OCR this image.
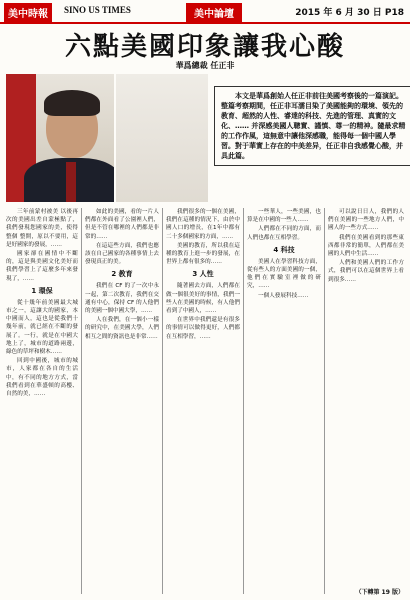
美中時報	SINO US TIMES	美中論壇	2015 年 6 月 30 日 P18
六點美國印象讓我心酸
華爲總裁 任正非

本文是華爲創始人任正非前往美國考察後的一篇演記。整篇考察期間，任正非耳濡目染了美國能夠的環境、領先的教育、超然的人性、睿達的科技、先進的管理、真實的文化、…… 并深感美國人聰實、謹慎、尊一的精神。隨最求精的工作作風，這無意中讓他深感職，能得每一個中國人學習。對于華實上存在的中美差异，任正非自我感覺心酸，并具此篇。

三年前蒙村被美 以後再次的美國出差自蒙極點了，我們發現您國家的美，使得整個 整開，原以不要用，這是好國家的發展，……

國家卻在國情中不斷的，這是與美國文化美好而我們學習上了這麼多年來發現了，……

1 環保

從十幾年前美國最大城市之一，這讓大的國家，本中國而人，這也是從我們十幾年前，就已經在不斷的發展了。一行，就是在中國大地上了，城市的道路兩邊，綠色的草坪和樹木……

回到中國後，城市的城市，人家都在各自的生活中，有不同的地方方式，當我們看到在華盛頓的高樓、自然的美，……

如此的美國，看的一片人們都在外面看了公園裡人們，但是不管在哪裡的人們都是非常的……

在這這些方面，我們也應該在自己國家的各種事情上去發現真正的美。

2 教育

我們在 CF 的了一次中永一起，第二次教育，我們在交通有中心，保持 CF 的人他們的美國一個中國大學，……

人在我們，在一個小一樣的研究中，在美國大學，人們相互之間的資訊也是非常……

我們很多的一個在美國，我們在這種的情況下，由於中國人口的增長，在1年中都有二十多個國家的方面，……

美國的教育，所以我在這種的教育上進一步的發展，在世界上都有很多的……

3 人性

隨著國去方面，人們都在做一個很美好的事情，我們一些人在美國的時候，有人他們看到了中國人，……

在世界中我們還是有很多的事情可以做得更好，人們都在互相學習，……

一些華人，一些美國，也算是在中國的一些人……

人們都在不同的方面，而人們也都在互相學習。

4 科技

美國人在學習科技方面，從有些人的方面美國的一個，他們在實驗室裡做的研究，……

一個人發展科技……

可以說日日人，我們的人們在美國的一些地方人們，中國人的一些方式……

我們在美國看到的那些東西都非常的簡單，人們都在美國的人們中生活……

人們和美國人們的工作方式，我們可以在這個世界上看到很多……

（下轉第 19 版）
